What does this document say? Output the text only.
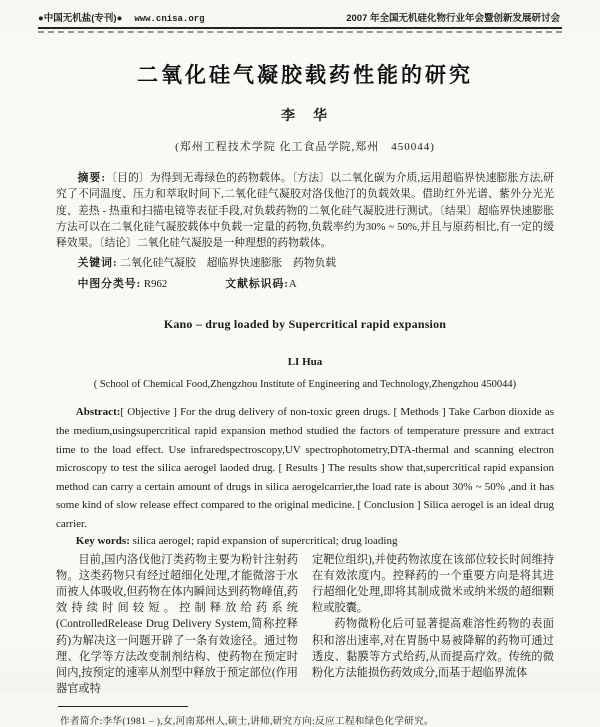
●中国无机盐(专刊)● www.cnisa.org	2007 年全国无机硅化物行业年会暨创新发展研讨会
二氧化硅气凝胶载药性能的研究
李　华
(郑州工程技术学院 化工食品学院,郑州　450044)

摘要:〔目的〕为得到无毒绿色的药物载体。〔方法〕以二氧化碳为介质,运用超临界快速膨胀方法,研究了不同温度、压力和萃取时间下,二氧化硅气凝胶对洛伐他汀的负载效果。借助红外光谱、紫外分光光度、差热 - 热重和扫描电镜等表征手段,对负载药物的二氧化硅气凝胶进行测试。〔结果〕超临界快速膨胀方法可以在二氧化硅气凝胶载体中负载一定量的药物,负载率约为30% ~ 50%,并且与原药相比,有一定的缓释效果。〔结论〕二氧化硅气凝胶是一种理想的药物载体。

关键词: 二氧化硅气凝胶　超临界快速膨胀　药物负载

中图分类号: R962	文献标识码:A

Kano – drug loaded by Supercritical rapid expansion
LI Hua
( School of Chemical Food,Zhengzhou Institute of Engineering and Technology,Zhengzhou 450044)

Abstract:[ Objective ] For the drug delivery of non-toxic green drugs. [ Methods ] Take Carbon dioxide as the medium,usingsupercritical rapid expansion method studied the factors of temperature pressure and extract time to the load effect. Use infraredspectroscopy,UV spectrophotometry,DTA-thermal and scanning electron microscopy to test the silica aerogel laoded drug. [ Results ] The results show that,supercritical rapid expansion method can carry a certain amount of drugs in silica aerogelcarrier,the load rate is about 30% ~ 50% ,and it has some kind of slow release effect compared to the original medicine. [ Conclusion ] Silica aerogel is an ideal drug carrier.

Key words: silica aerogel; rapid expansion of supercritical; drug loading

目前,国内洛伐他汀类药物主要为粉针注射药物。这类药物只有经过超细化处理,才能微溶于水而被人体吸收,但药物在体内瞬间达到药物峰值,药效持续时间较短。控制释放给药系统(ControlledRelease Drug Delivery System,简称控释药)为解决这一问题开辟了一条有效途径。通过物理、化学等方法改变制剂结构、使药物在预定时间内,按预定的速率从剂型中释放于预定部位(作用器官或特

定靶位组织),并使药物浓度在该部位较长时间维持在有效浓度内。控释药的一个重要方向是将其进行超细化处理,即将其制成微米或纳米级的超细颗粒或胶囊。

药物微粉化后可显著提高难溶性药物的表面积和溶出速率,对在胃肠中易被降解的药物可通过透皮、黏膜等方式给药,从而提高疗效。传统的微粉化方法能损伤药效成分,而基于超临界流体

作者简介:李华(1981 – ),女,河南郑州人,硕士,讲师,研究方向:反应工程和绿色化学研究。
